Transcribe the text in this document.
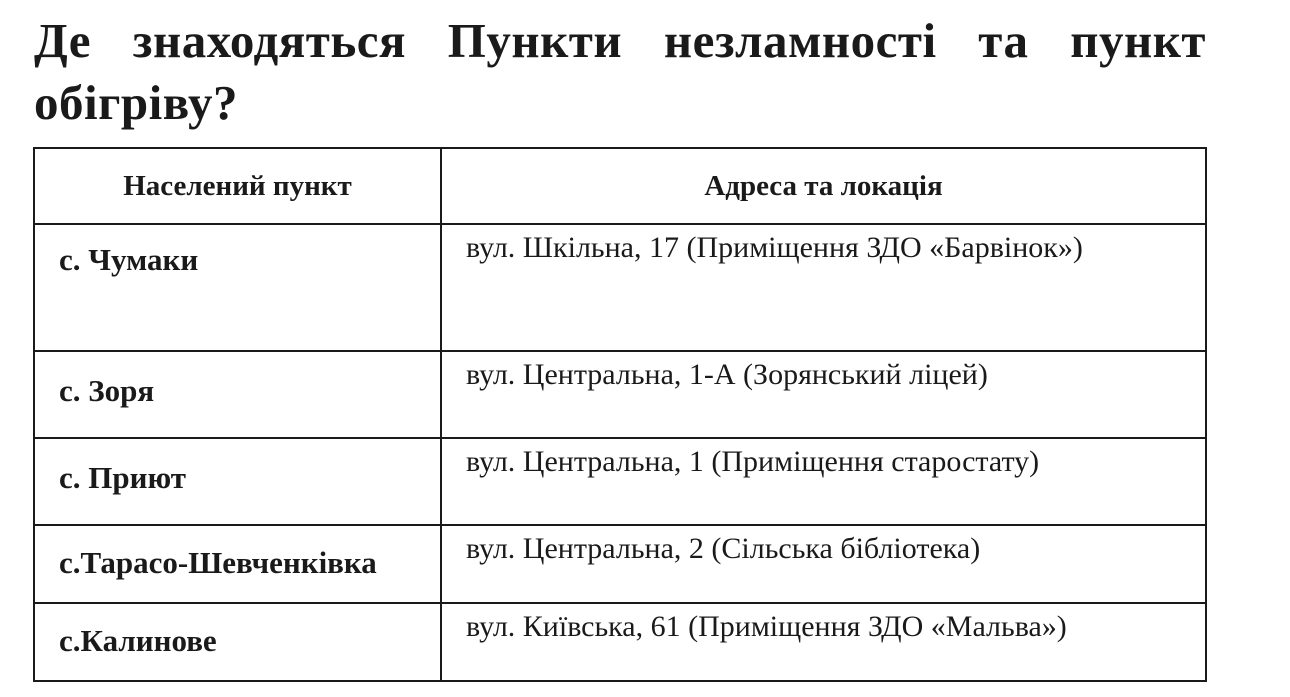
Де знаходяться Пункти незламності та пункт обігріву?
Населений пункт	Адреса та локація

с. Чумаки	вул. Шкільна, 17 (Приміщення ЗДО «Барвінок»)

с. Зоря	вул. Центральна, 1-А (Зорянський ліцей)

с. Приют	вул. Центральна, 1 (Приміщення старостату)

с.Тарасо-Шевченківка	вул. Центральна, 2 (Сільська бібліотека)

с.Калинове	вул. Київська, 61 (Приміщення ЗДО «Мальва»)
